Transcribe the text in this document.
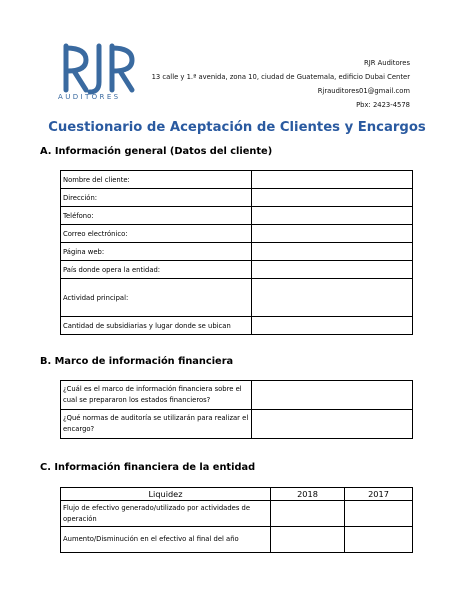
AUDITORES
RJR Auditores
13 calle y 1.ª avenida, zona 10, ciudad de Guatemala, edificio Dubai Center
Rjrauditores01@gmail.com
Pbx: 2423-4578
Cuestionario de Aceptación de Clientes y Encargos
A. Información general (Datos del cliente)
Nombre del cliente:	
Dirección:	
Teléfono:	
Correo electrónico:	
Página web:	
País donde opera la entidad:	
Actividad principal:	
Cantidad de subsidiarias y lugar donde se ubican	
B. Marco de información financiera
¿Cuál es el marco de información financiera sobre el cual se prepararon los estados financieros?	
¿Qué normas de auditoría se utilizarán para realizar el encargo?	
C. Información financiera de la entidad
Liquidez	2018	2017
Flujo de efectivo generado/utilizado por actividades de operación		
Aumento/Disminución en el efectivo al final del año		
